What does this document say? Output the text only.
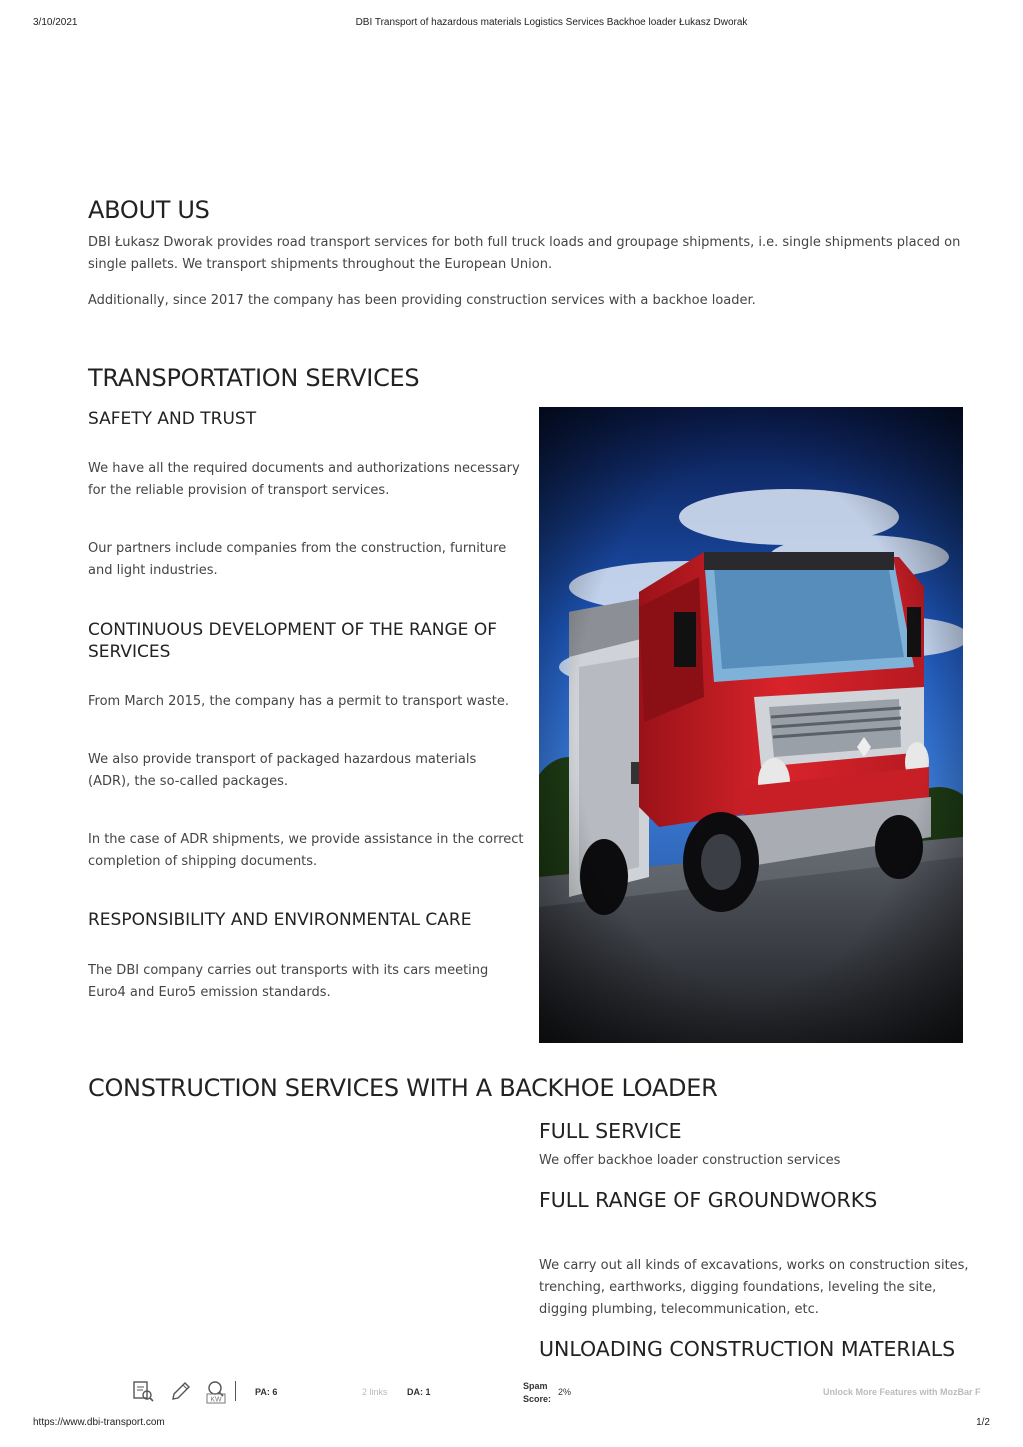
3/10/2021	DBI Transport of hazardous materials Logistics Services Backhoe loader Łukasz Dworak
ABOUT US

DBI Łukasz Dworak provides road transport services for both full truck loads and groupage shipments, i.e. single shipments placed on

single pallets. We transport shipments throughout the European Union.

Additionally, since 2017 the company has been providing construction services with a backhoe loader.

TRANSPORTATION SERVICES
SAFETY AND TRUST

We have all the required documents and authorizations necessary

for the reliable provision of transport services.

Our partners include companies from the construction, furniture

and light industries.

CONTINUOUS DEVELOPMENT OF THE RANGE OF
SERVICES

From March 2015, the company has a permit to transport waste.

We also provide transport of packaged hazardous materials

(ADR), the so-called packages.

In the case of ADR shipments, we provide assistance in the correct

completion of shipping documents.

RESPONSIBILITY AND ENVIRONMENTAL CARE

The DBI company carries out transports with its cars meeting

Euro4 and Euro5 emission standards.

CONSTRUCTION SERVICES WITH A BACKHOE LOADER
FULL SERVICE

We offer backhoe loader construction services

FULL RANGE OF GROUNDWORKS

We carry out all kinds of excavations, works on construction sites,

trenching, earthworks, digging foundations, leveling the site,

digging plumbing, telecommunication, etc.

UNLOADING CONSTRUCTION MATERIALS
KW
PA: 6	2 links DA: 1
Spam
Score:
2%	Unlock More Features with MozBar F
https://www.dbi-transport.com	1/2
